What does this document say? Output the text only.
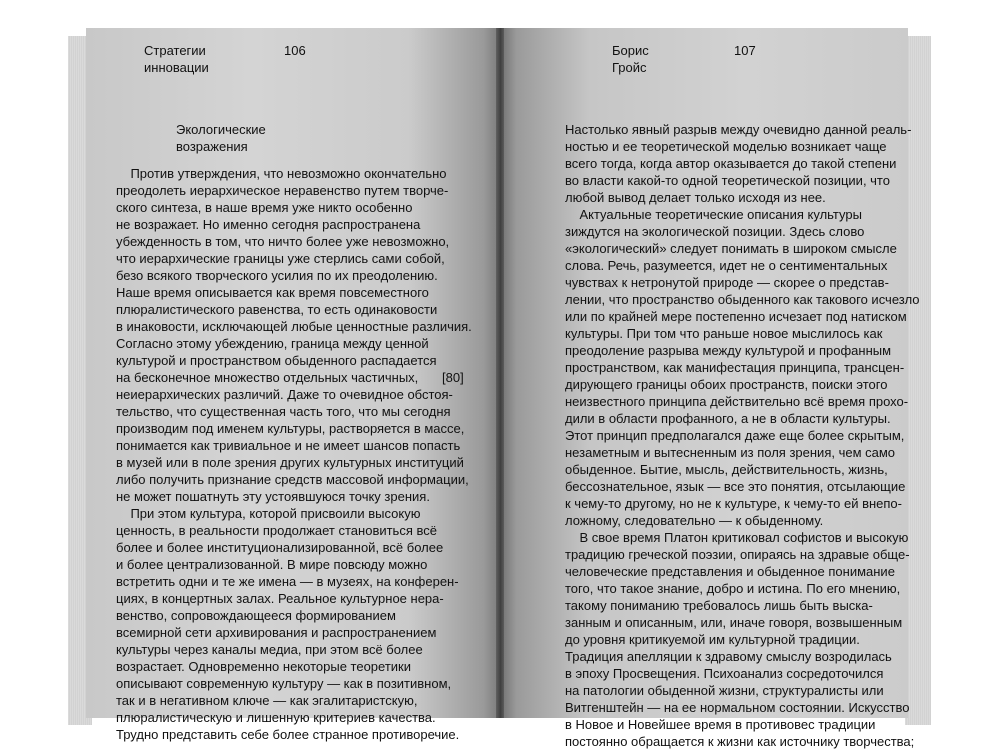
Стратегии
инновации
106
Экологические
возражения
Против утверждения, что невозможно окончательно
преодолеть иерархическое неравенство путем творче-
ского синтеза, в наше время уже никто особенно
не возражает. Но именно сегодня распространена
убежденность в том, что ничто более уже невозможно,
что иерархические границы уже стерлись сами собой,
безо всякого творческого усилия по их преодолению.
Наше время описывается как время повсеместного
плюралистического равенства, то есть одинаковости
в инаковости, исключающей любые ценностные различия.
Согласно этому убеждению, граница между ценной
культурой и пространством обыденного распадается
на бесконечное множество отдельных частичных,
неиерархических различий. Даже то очевидное обстоя-
тельство, что существенная часть того, что мы сегодня
производим под именем культуры, растворяется в массе,
понимается как тривиальное и не имеет шансов попасть
в музей или в поле зрения других культурных институций
либо получить признание средств массовой информации,
не может пошатнуть эту устоявшуюся точку зрения.
При этом культура, которой присвоили высокую
ценность, в реальности продолжает становиться всё
более и более институционализированной, всё более
и более централизованной. В мире повсюду можно
встретить одни и те же имена — в музеях, на конферен-
циях, в концертных залах. Реальное культурное нера-
венство, сопровождающееся формированием
всемирной сети архивирования и распространением
культуры через каналы медиа, при этом всё более
возрастает. Одновременно некоторые теоретики
описывают современную культуру — как в позитивном,
так и в негативном ключе — как эгалитаристскую,
плюралистическую и лишенную критериев качества.
Трудно представить себе более странное противоречие.
[80]
Борис
Гройс
107
Настолько явный разрыв между очевидно данной реаль-
ностью и ее теоретической моделью возникает чаще
всего тогда, когда автор оказывается до такой степени
во власти какой-то одной теоретической позиции, что
любой вывод делает только исходя из нее.
Актуальные теоретические описания культуры
зиждутся на экологической позиции. Здесь слово
«экологический» следует понимать в широком смысле
слова. Речь, разумеется, идет не о сентиментальных
чувствах к нетронутой природе — скорее о представ-
лении, что пространство обыденного как такового исчезло
или по крайней мере постепенно исчезает под натиском
культуры. При том что раньше новое мыслилось как
преодоление разрыва между культурой и профанным
пространством, как манифестация принципа, трансцен-
дирующего границы обоих пространств, поиски этого
неизвестного принципа действительно всё время прохо-
дили в области профанного, а не в области культуры.
Этот принцип предполагался даже еще более скрытым,
незаметным и вытесненным из поля зрения, чем само
обыденное. Бытие, мысль, действительность, жизнь,
бессознательное, язык — все это понятия, отсылающие
к чему-то другому, но не к культуре, к чему-то ей внепо-
ложному, следовательно — к обыденному.
В свое время Платон критиковал софистов и высокую
традицию греческой поэзии, опираясь на здравые обще-
человеческие представления и обыденное понимание
того, что такое знание, добро и истина. По его мнению,
такому пониманию требовалось лишь быть выска-
занным и описанным, или, иначе говоря, возвышенным
до уровня критикуемой им культурной традиции.
Традиция апелляции к здравому смыслу возродилась
в эпоху Просвещения. Психоанализ сосредоточился
на патологии обыденной жизни, структуралисты или
Витгенштейн — на ее нормальном состоянии. Искусство
в Новое и Новейшее время в противовес традиции
постоянно обращается к жизни как источнику творчества;
